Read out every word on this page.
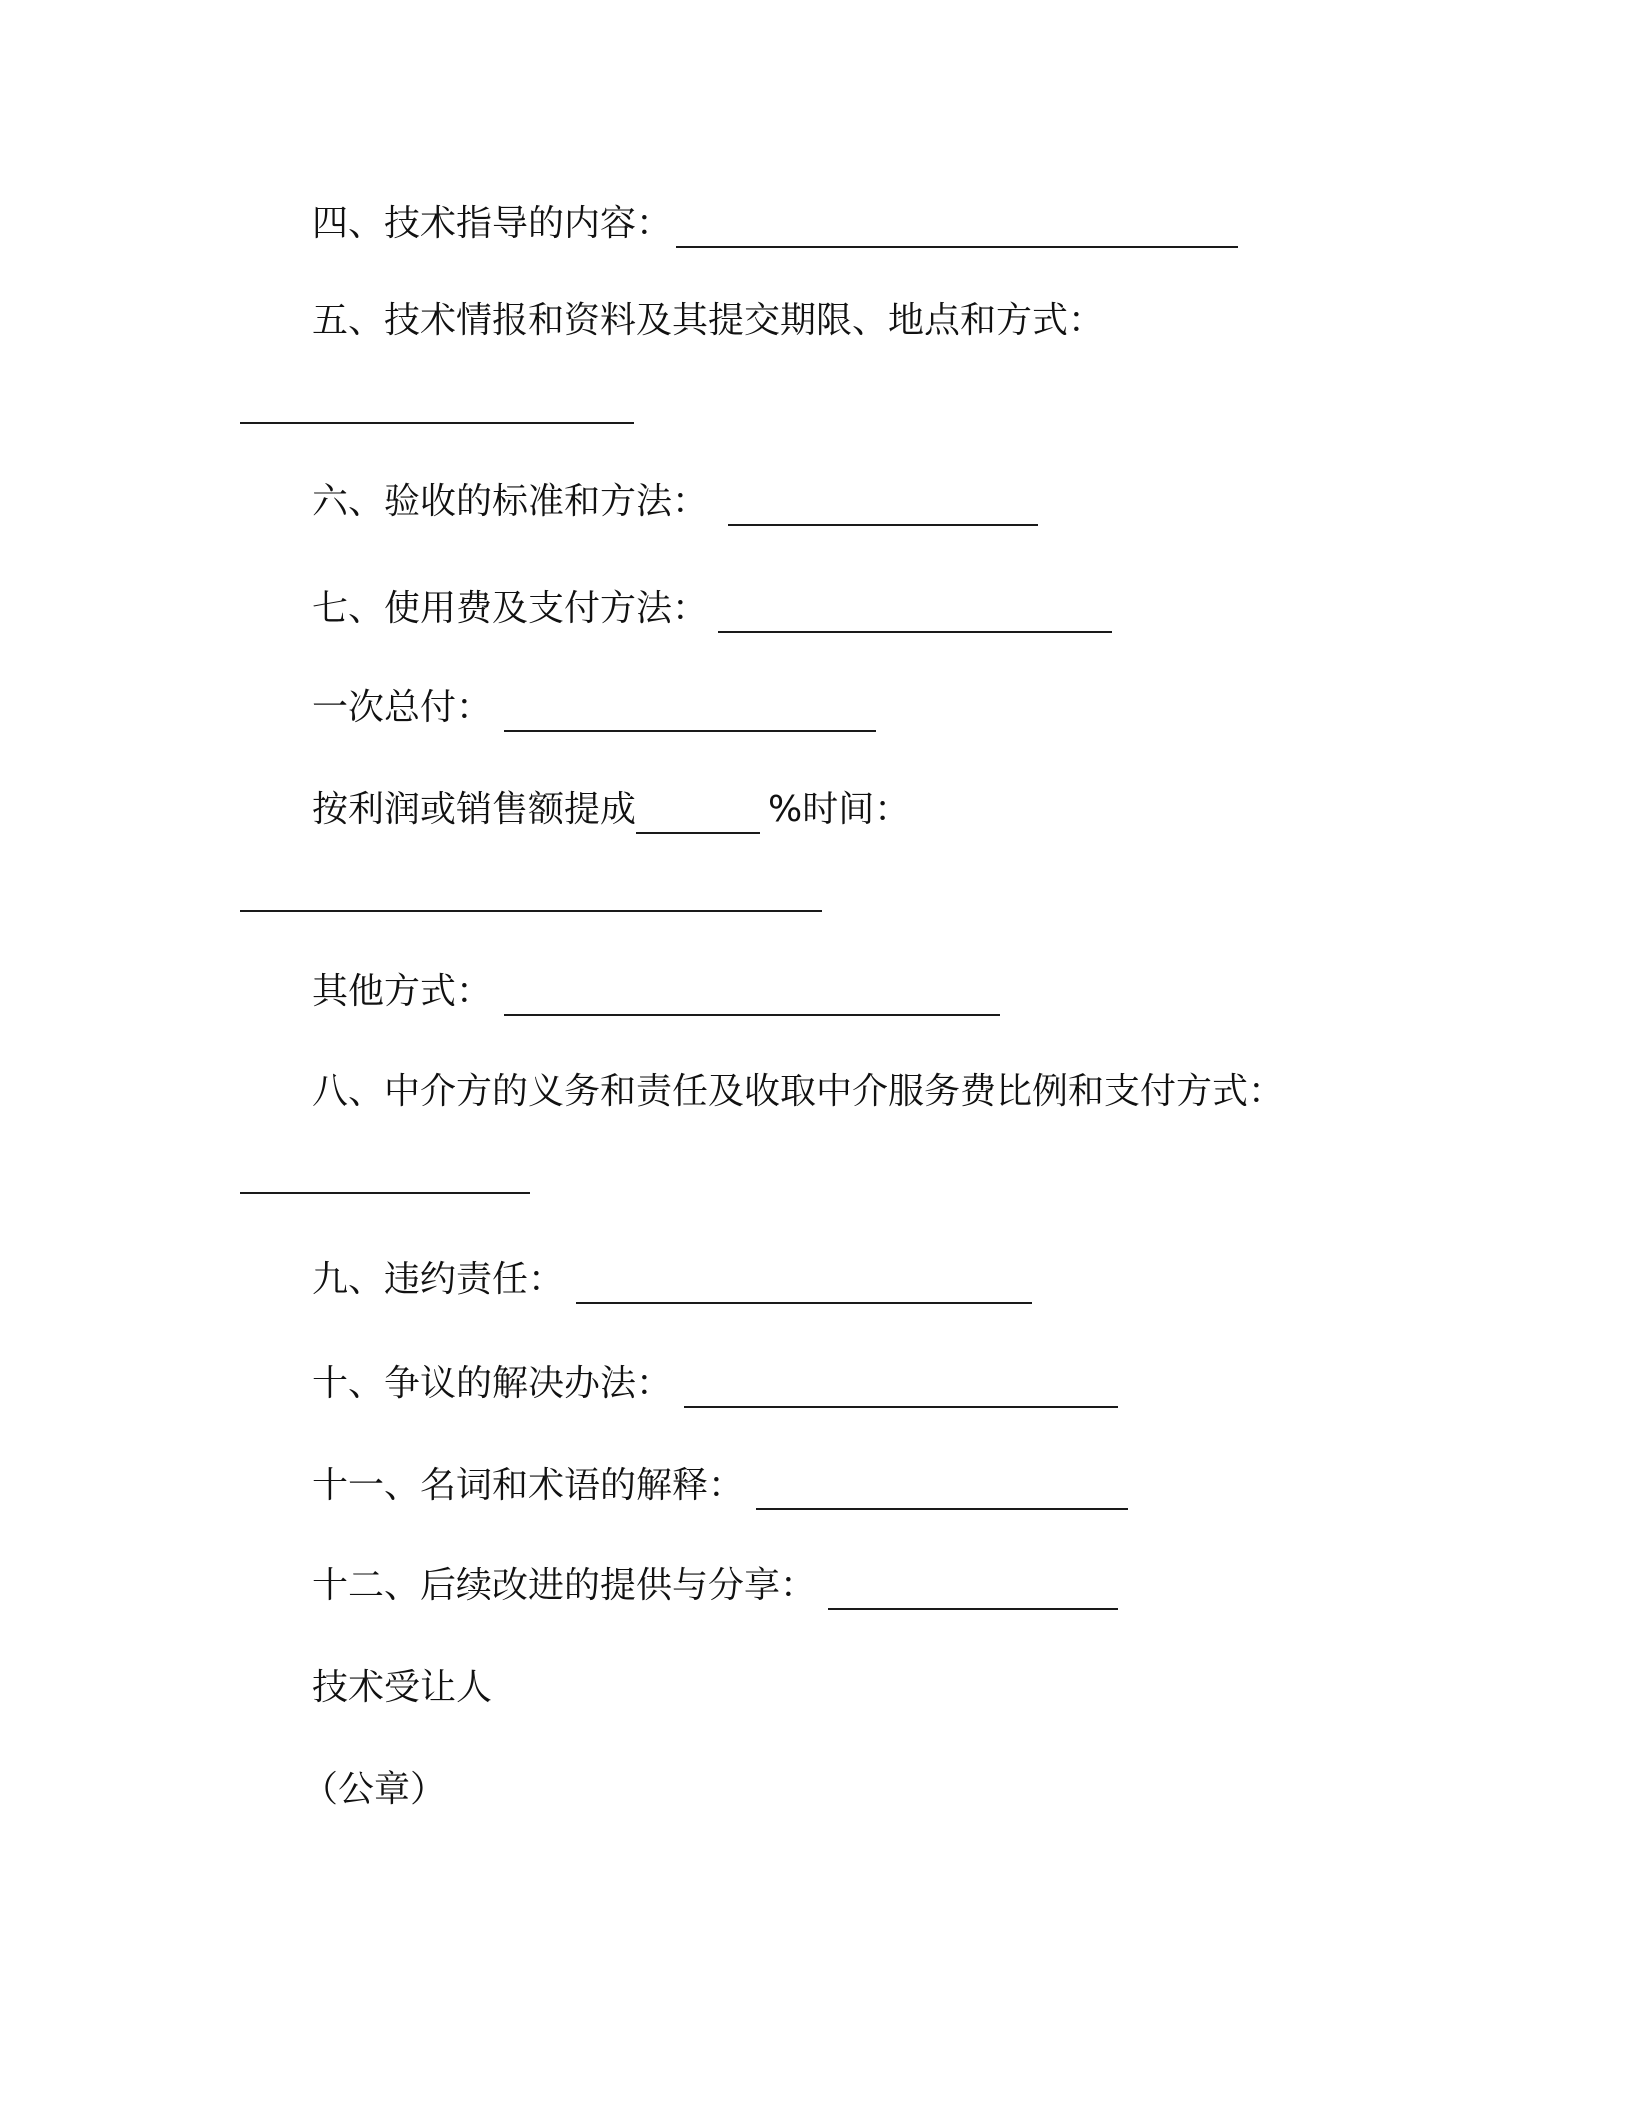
四、技术指导的内容：
五、技术情报和资料及其提交期限、地点和方式：
六、验收的标准和方法：
七、使用费及支付方法：
一次总付：
按利润或销售额提成	%时间：
其他方式：
八、中介方的义务和责任及收取中介服务费比例和支付方式：
九、违约责任：
十、争议的解决办法：
十一、名词和术语的解释：
十二、后续改进的提供与分享：
技术受让人
（公章）
